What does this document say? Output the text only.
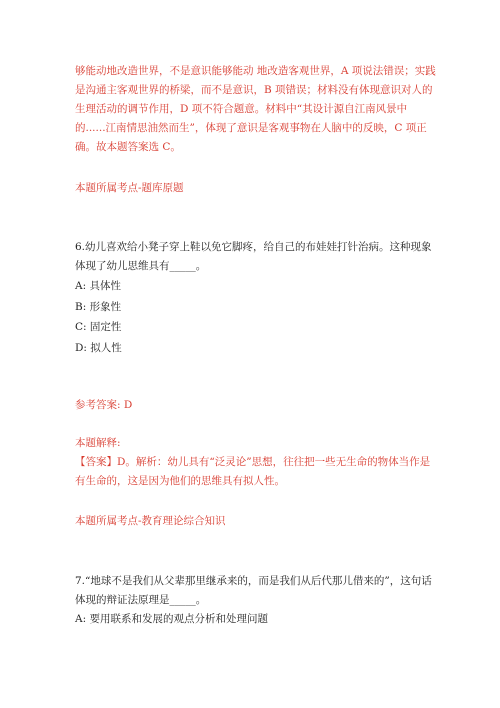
够能动地改造世界，不是意识能够能动 地改造客观世界，A 项说法错误；实践

是沟通主客观世界的桥梁，而不是意识，B 项错误；材料没有体现意识对人的

生理活动的调节作用，D 项不符合题意。材料中“其设计源自江南风景中

的......江南情思油然而生”，体现了意识是客观事物在人脑中的反映，C 项正

确。故本题答案选 C。

本题所属考点-题库原题

6.幼儿喜欢给小凳子穿上鞋以免它脚疼，给自己的布娃娃打针治病。这种现象

体现了幼儿思维具有_____。

A: 具体性

B: 形象性

C: 固定性

D: 拟人性

参考答案: D

本题解释:

【答案】D。解析：幼儿具有“泛灵论”思想，往往把一些无生命的物体当作是

有生命的，这是因为他们的思维具有拟人性。

本题所属考点-教育理论综合知识

7.“地球不是我们从父辈那里继承来的，而是我们从后代那儿借来的”，这句话

体现的辩证法原理是_____。

A: 要用联系和发展的观点分析和处理问题
